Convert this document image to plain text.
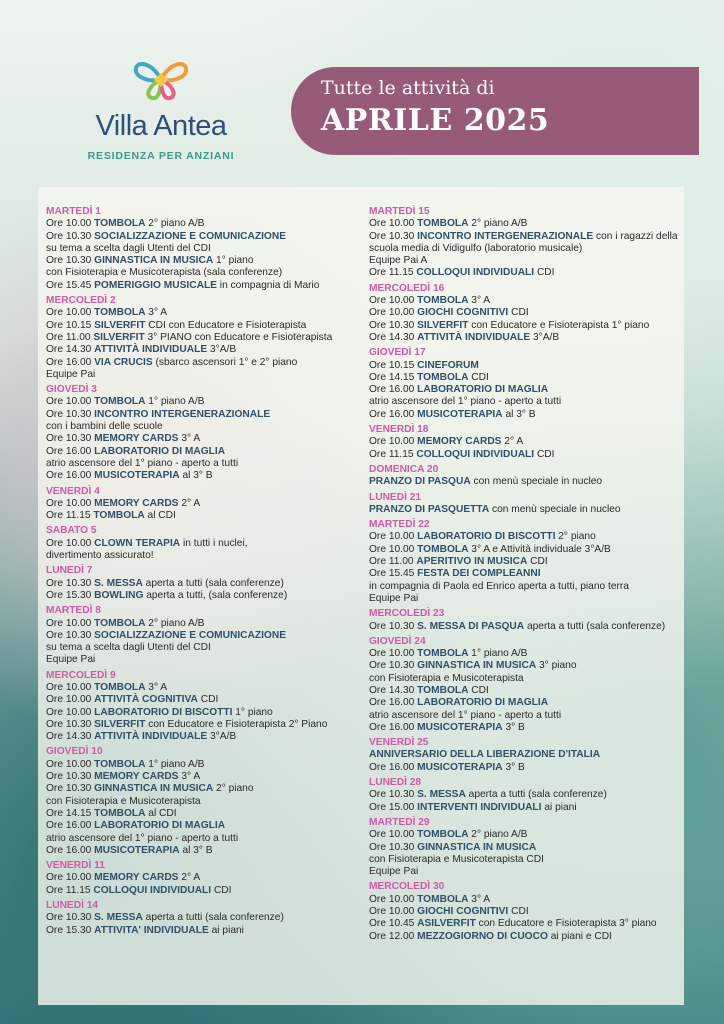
Villa Antea
RESIDENZA PER ANZIANI
Tutte le attività di
APRILE 2025
MARTEDÌ 1
Ore 10.00 TOMBOLA 2° piano A/B
Ore 10.30 SOCIALIZZAZIONE E COMUNICAZIONE
su tema a scelta dagli Utenti del CDI
Ore 10.30 GINNASTICA IN MUSICA 1° piano
con Fisioterapia e Musicoterapista (sala conferenze)
Ore 15.45 POMERIGGIO MUSICALE in compagnia di Mario
MERCOLEDÌ 2
Ore 10.00 TOMBOLA 3° A
Ore 10.15 SILVERFIT CDI con Educatore e Fisioterapista
Ore 11.00 SILVERFIT 3° PIANO con Educatore e Fisioterapista
Ore 14.30 ATTIVITÀ INDIVIDUALE 3°A/B
Ore 16.00 VIA CRUCIS (sbarco ascensori 1° e 2° piano
Equipe Pai
GIOVEDÌ 3
Ore 10.00 TOMBOLA 1° piano A/B
Ore 10.30 INCONTRO INTERGENERAZIONALE
con i bambini delle scuole
Ore 10.30 MEMORY CARDS 3° A
Ore 16.00 LABORATORIO DI MAGLIA
atrio ascensore del 1° piano - aperto a tutti
Ore 16.00 MUSICOTERAPIA al 3° B
VENERDÌ 4
Ore 10.00 MEMORY CARDS 2° A
Ore 11.15 TOMBOLA al CDI
SABATO 5
Ore 10.00 CLOWN TERAPIA in tutti i nuclei,
divertimento assicurato!
LUNEDÌ 7
Ore 10.30 S. MESSA aperta a tutti (sala conferenze)
Ore 15.30 BOWLING aperta a tutti, (sala conferenze)
MARTEDÌ 8
Ore 10.00 TOMBOLA 2° piano A/B
Ore 10.30 SOCIALIZZAZIONE E COMUNICAZIONE
su tema a scelta dagli Utenti del CDI
Equipe Pai
MERCOLEDÌ 9
Ore 10.00 TOMBOLA 3° A
Ore 10.00 ATTIVITÀ COGNITIVA CDI
Ore 10.00 LABORATORIO DI BISCOTTI 1° piano
Ore 10.30 SILVERFIT con Educatore e Fisioterapista 2° Piano
Ore 14.30 ATTIVITÀ INDIVIDUALE 3°A/B
GIOVEDÌ 10
Ore 10.00 TOMBOLA 1° piano A/B
Ore 10.30 MEMORY CARDS 3° A
Ore 10.30 GINNASTICA IN MUSICA 2° piano
con Fisioterapia e Musicoterapista
Ore 14.15 TOMBOLA al CDI
Ore 16.00 LABORATORIO DI MAGLIA
atrio ascensore del 1° piano - aperto a tutti
Ore 16.00 MUSICOTERAPIA al 3° B
VENERDÌ 11
Ore 10.00 MEMORY CARDS 2° A
Ore 11.15 COLLOQUI INDIVIDUALI CDI
LUNEDÌ 14
Ore 10.30 S. MESSA aperta a tutti (sala conferenze)
Ore 15.30 ATTIVITA' INDIVIDUALE ai piani
MARTEDÌ 15
Ore 10.00 TOMBOLA 2° piano A/B
Ore 10.30 INCONTRO INTERGENERAZIONALE con i ragazzi della
scuola media di Vidigulfo (laboratorio musicale)
Equipe Pai A
Ore 11.15 COLLOQUI INDIVIDUALI CDI
MERCOLEDÌ 16
Ore 10.00 TOMBOLA 3° A
Ore 10.00 GIOCHI COGNITIVI CDI
Ore 10.30 SILVERFIT con Educatore e Fisioterapista 1° piano
Ore 14.30 ATTIVITÀ INDIVIDUALE 3°A/B
GIOVEDÌ 17
Ore 10.15 CINEFORUM
Ore 14.15 TOMBOLA CDI
Ore 16.00 LABORATORIO DI MAGLIA
atrio ascensore del 1° piano - aperto a tutti
Ore 16.00 MUSICOTERAPIA al 3° B
VENERDÌ 18
Ore 10.00 MEMORY CARDS 2° A
Ore 11.15 COLLOQUI INDIVIDUALI CDI
DOMENICA 20
PRANZO DI PASQUA con menù speciale in nucleo
LUNEDÌ 21
PRANZO DI PASQUETTA con menù speciale in nucleo
MARTEDÌ 22
Ore 10.00 LABORATORIO DI BISCOTTI 2° piano
Ore 10.00 TOMBOLA 3° A e Attività individuale 3°A/B
Ore 11.00 APERITIVO IN MUSICA CDI
Ore 15.45 FESTA DEI COMPLEANNI
in compagnia di Paola ed Enrico aperta a tutti, piano terra
Equipe Pai
MERCOLEDÌ 23
Ore 10.30 S. MESSA DI PASQUA aperta a tutti (sala conferenze)
GIOVEDÌ 24
Ore 10.00 TOMBOLA 1° piano A/B
Ore 10.30 GINNASTICA IN MUSICA 3° piano
con Fisioterapia e Musicoterapista
Ore 14.30 TOMBOLA CDI
Ore 16.00 LABORATORIO DI MAGLIA
atrio ascensore del 1° piano - aperto a tutti
Ore 16.00 MUSICOTERAPIA 3° B
VENERDÌ 25
ANNIVERSARIO DELLA LIBERAZIONE D'ITALIA
Ore 16.00 MUSICOTERAPIA 3° B
LUNEDÌ 28
Ore 10.30 S. MESSA aperta a tutti (sala conferenze)
Ore 15.00 INTERVENTI INDIVIDUALI ai piani
MARTEDÌ 29
Ore 10.00 TOMBOLA 2° piano A/B
Ore 10.30 GINNASTICA IN MUSICA
con Fisioterapia e Musicoterapista CDI
Equipe Pai
MERCOLEDÌ 30
Ore 10.00 TOMBOLA 3° A
Ore 10.00 GIOCHI COGNITIVI CDI
Ore 10.45 ASILVERFIT con Educatore e Fisioterapista 3° piano
Ore 12.00 MEZZOGIORNO DI CUOCO ai piani e CDI
